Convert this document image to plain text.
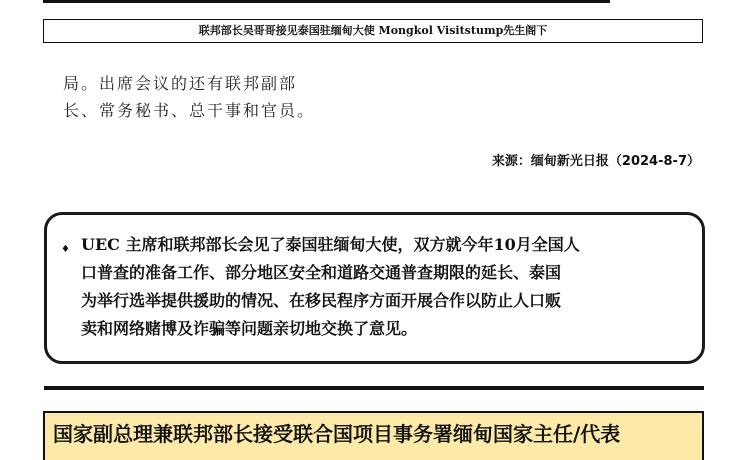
联邦部长吴哥哥接见泰国驻缅甸大使 Mongkol Visitstump先生阁下
局。出席会议的还有联邦副部
长、常务秘书、总干事和官员。
来源：缅甸新光日报（2024-8-7）
♦ UEC 主席和联邦部长会见了泰国驻缅甸大使，双方就今年10月全国人
口普查的准备工作、部分地区安全和道路交通普查期限的延长、泰国
为举行选举提供援助的情况、在移民程序方面开展合作以防止人口贩
卖和网络赌博及诈骗等问题亲切地交换了意见。
国家副总理兼联邦部长接受联合国项目事务署缅甸国家主任/代表
